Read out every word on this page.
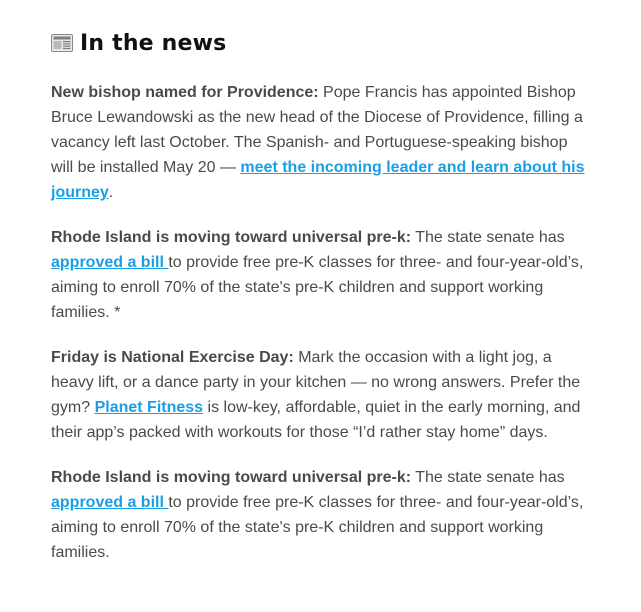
In the news

New bishop named for Providence: Pope Francis has appointed Bishop Bruce Lewandowski as the new head of the Diocese of Providence, filling a vacancy left last October. The Spanish- and Portuguese-speaking bishop will be installed May 20 — meet the incoming leader and learn about his journey.

Rhode Island is moving toward universal pre-k: The state senate has approved a bill to provide free pre-K classes for three- and four-year-old’s, aiming to enroll 70% of the state's pre-K children and support working families. *

Friday is National Exercise Day: Mark the occasion with a light jog, a heavy lift, or a dance party in your kitchen — no wrong answers. Prefer the gym? Planet Fitness is low-key, affordable, quiet in the early morning, and their app’s packed with workouts for those “I’d rather stay home” days.

Rhode Island is moving toward universal pre-k: The state senate has approved a bill to provide free pre-K classes for three- and four-year-old’s, aiming to enroll 70% of the state's pre-K children and support working families.
